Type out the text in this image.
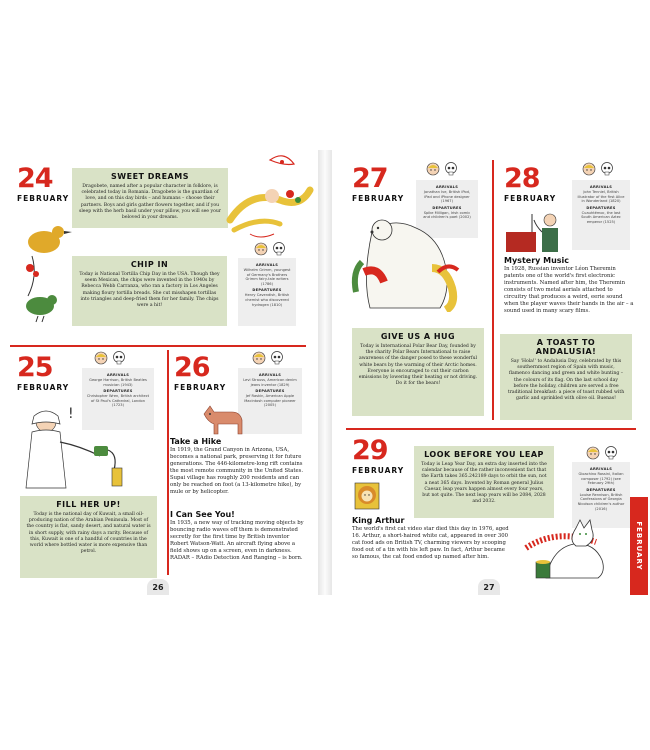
24
FEBRUARY
SWEET DREAMS

Dragobete, named after a popular character in folklore, is celebrated today in Romania. Dragobete is the guardian of love, and on this day birds – and humans – choose their partners. Boys and girls gather flowers together, and if you sleep with the herb basil under your pillow, you will see your beloved in your dreams.

CHIP IN

Today is National Tortilla Chip Day in the USA. Though they seem Mexican, the chips were invented in the 1940s by Rebecca Webb Carranza, who ran a factory in Los Angeles making floury tortilla breads. She cut misshapen tortillas into triangles and deep-fried them for her family. The chips were a hit!

ARRIVALS
Wilhelm Grimm, youngest of Germany's Brothers Grimm fairy-tale writers (1786)
DEPARTURES
Henry Cavendish, British chemist who discovered hydrogen (1810)
25
FEBRUARY
ARRIVALS
George Harrison, British Beatles musician (1943)
DEPARTURES
Christopher Wren, British architect of St Paul's Cathedral, London (1723)
!
FILL HER UP!

Today is the national day of Kuwait, a small oil-producing nation of the Arabian Peninsula. Most of the country is flat, sandy desert, and natural water is in short supply, with rainy days a rarity. Because of this, Kuwait is one of a handful of countries in the world where bottled water is more expensive than petrol.

26
FEBRUARY
ARRIVALS
Levi Strauss, American denim jeans inventor (1829)
DEPARTURES
Jef Raskin, American Apple Macintosh computer pioneer (2005)
Take a Hike
In 1919, the Grand Canyon in Arizona, USA, becomes a national park, preserving it for future generations. The 446-kilometre-long rift contains the most remote community in the United States. Supai village has roughly 200 residents and can only be reached on foot (a 13-kilometre hike), by mule or by helicopter.
I Can See You!
In 1935, a new way of tracking moving objects by bouncing radio waves off them is demonstrated secretly for the first time by British inventor Robert Watson-Watt. An aircraft flying above a field shows up on a screen, even in darkness. RADAR – RAdio Detection And Ranging – is born.
26
27
FEBRUARY
ARRIVALS
Jonathan Ive, British iPod, iPad and iPhone designer (1967)
DEPARTURES
Spike Milligan, Irish comic and children's poet (2002)
GIVE US A HUG

Today is International Polar Bear Day, founded by the charity Polar Bears International to raise awareness of the danger posed to these wonderful white bears by the warming of their Arctic homes. Everyone is encouraged to cut their carbon emissions by lowering their heating or not driving. Do it for the bears!

28
FEBRUARY
ARRIVALS
John Tenniel, British illustrator of the first Alice in Wonderland (1820)
DEPARTURES
Cuauhtémoc, the last South American Aztec emperor (1525)
Mystery Music
In 1928, Russian inventor Léon Theremin patents one of the world's first electronic instruments. Named after him, the Theremin consists of two metal aerials attached to circuitry that produces a weird, eerie sound when the player waves their hands in the air – a sound used in many scary films.
A TOAST TO ANDALUSIA!

Say 'Hola!' to Andalusia Day, celebrated by this southernmost region of Spain with music, flamenco dancing and green and white bunting – the colours of its flag. On the last school day before the holiday, children are served a free traditional breakfast: a piece of toast rubbed with garlic and sprinkled with olive oil. Buenas!

29
FEBRUARY
LOOK BEFORE YOU LEAP

Today is Leap Year Day, an extra day inserted into the calendar because of the rather inconvenient fact that the Earth takes 365.242189 days to orbit the sun, not a neat 365 days. Invented by Roman general Julius Caesar, leap years happen almost every four years, but not quite. The next leap years will be 2084, 2028 and 2032.

ARRIVALS
Gioachino Rossini, Italian composer (1792) (see February 29th)
DEPARTURES
Louise Rennison, British Confessions of Georgia Nicolson children's author (2016)
King Arthur
The world's first cat video star died this day in 1976, aged 16. Arthur, a short-haired white cat, appeared in over 300 cat food ads on British TV, charming viewers by scooping food out of a tin with his left paw. In fact, Arthur became so famous, the cat food ended up named after him.
27
FEBRUARY
